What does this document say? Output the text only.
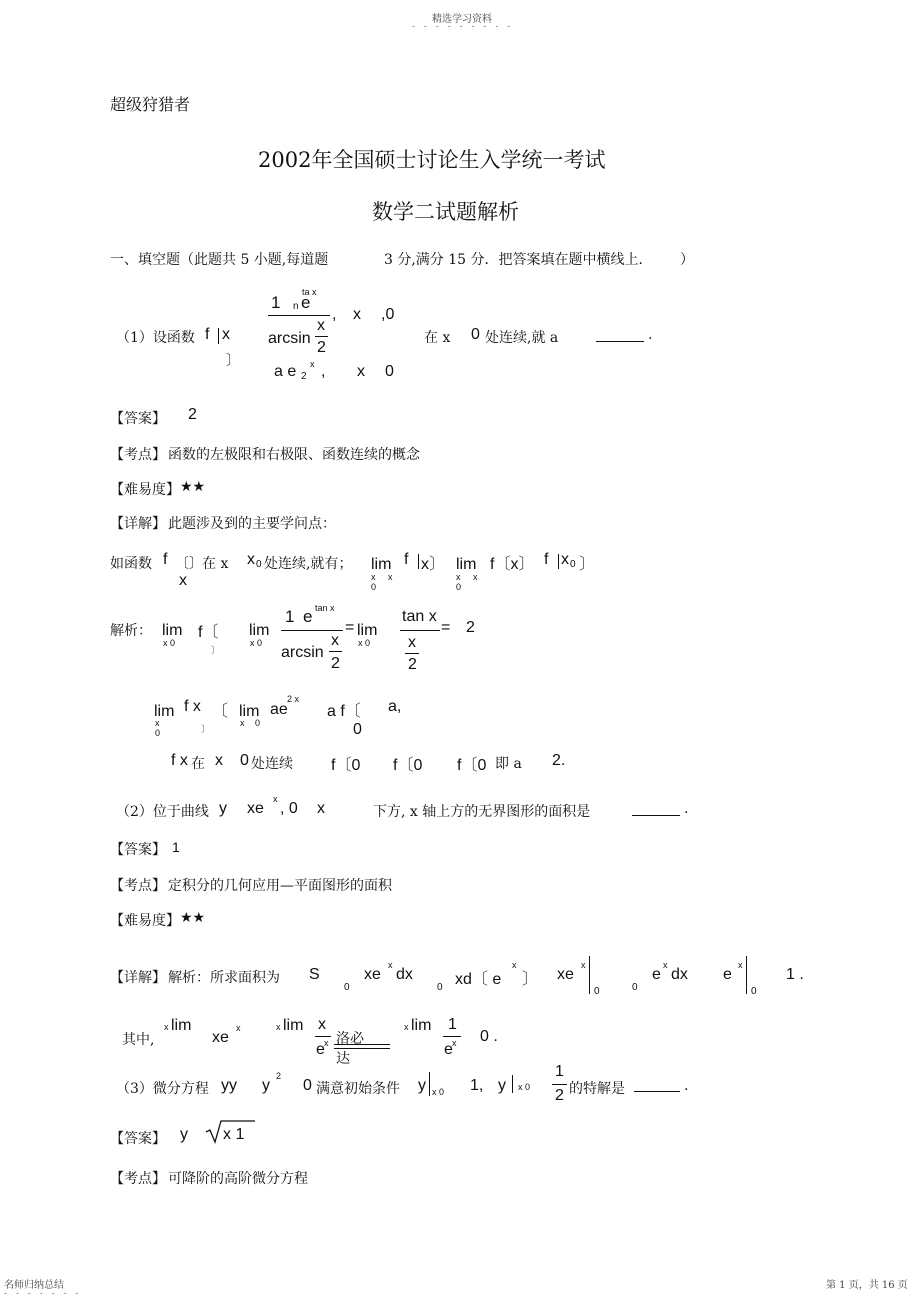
精选学习资料
- - - - - - - - -
超级狩猎者
2002年全国硕士讨论生入学统一考试
数学二试题解析
一、填空题（此题共 5 小题,每道题	3 分,满分 15 分．把答案填在题中横线上． ）
（1）设函数 f x
〕
ta x
1 n e
arcsin
x
2
, x ,0
a e 2
x , x 0
在 x 0 处连续,就 a	.
【答案】 2
【考点】 函数的左极限和右极限、函数连续的概念
【难易度】 ★★
【详解】 此题涉及到的主要学问点：
如函数 f 〔〕 在 x x 0 处连续,就有；
x
lim
x x
0
f x〕 lim
x x
0
f〔x〕 f x 0 〕
解析： lim
x 0
f〔
〕
lim
x 0
1 e tan x
arcsin
x
2
= lim
x 0
tan x
x
2
= 2
lim
x
0
f x 〔
〕
lim
x 0
ae
2 x
a f〔 a,
0
f x 在 x 0 处连续 f〔0 f〔0 f〔0 即 a 2.
（2）位于曲线 y xe
x
, 0 x	下方, x 轴上方的无界图形的面积是	.
【答案】 1
【考点】 定积分的几何应用—平面图形的面积
【难易度】 ★★
【详解】 解析：所求面积为 S
0
xe
x
dx
0 xd〔 e
x
〕 xe
x
0	0
e
x
dx e
x
0
1 .
其中,
x lim
xe
x	x lim x
e x 洛必
达
x lim 1
e x 0 .
（3）微分方程 yy y
2
0 满意初始条件 y x 0 1, y x 0
1
2 的特解是	.
【答案】 y x 1
【考点】 可降阶的高阶微分方程
名师归纳总结
- - - - - - -
第 1 页，共 16 页
